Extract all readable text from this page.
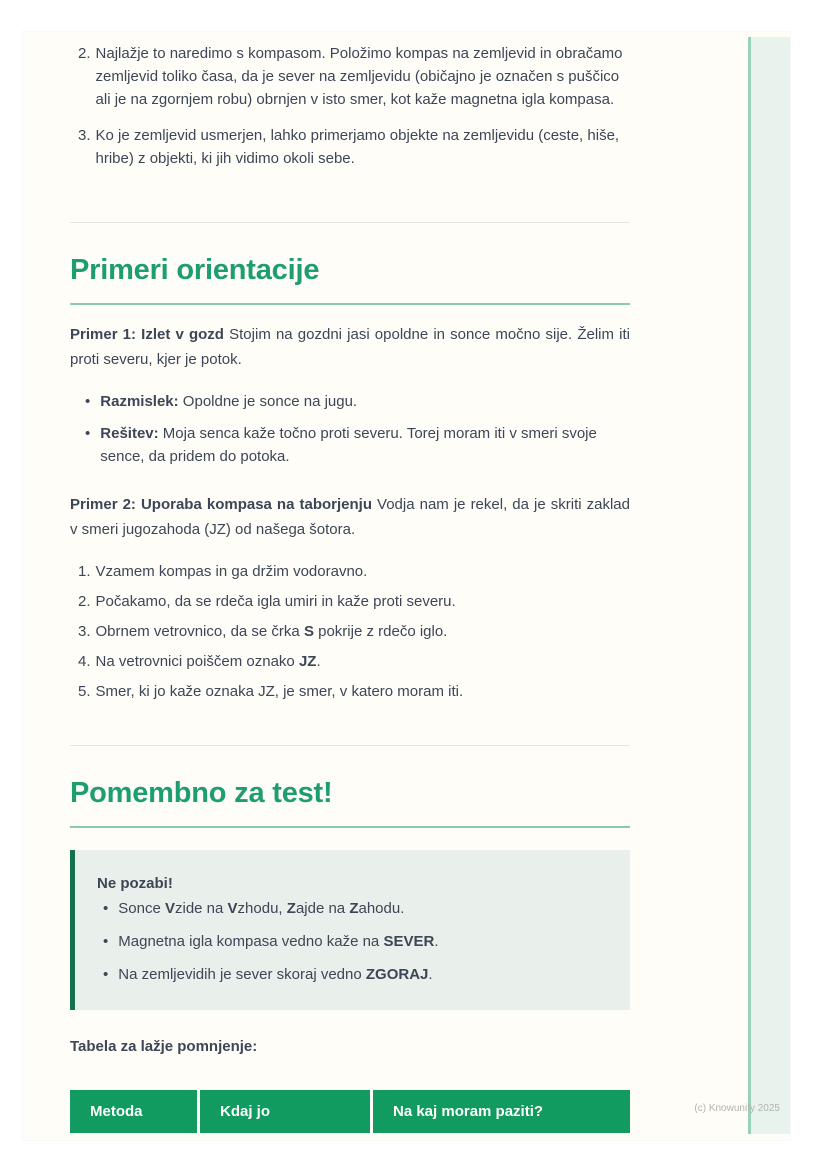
2. Najlažje to naredimo s kompasom. Položimo kompas na zemljevid in obračamo zemljevid toliko časa, da je sever na zemljevidu (običajno je označen s puščico ali je na zgornjem robu) obrnjen v isto smer, kot kaže magnetna igla kompasa.
3. Ko je zemljevid usmerjen, lahko primerjamo objekte na zemljevidu (ceste, hiše, hribe) z objekti, ki jih vidimo okoli sebe.
Primeri orientacije

Primer 1: Izlet v gozd Stojim na gozdni jasi opoldne in sonce močno sije. Želim iti proti severu, kjer je potok.

• Razmislek: Opoldne je sonce na jugu.
• Rešitev: Moja senca kaže točno proti severu. Torej moram iti v smeri svoje sence, da pridem do potoka.

Primer 2: Uporaba kompasa na taborjenju Vodja nam je rekel, da je skriti zaklad v smeri jugozahoda (JZ) od našega šotora.

1. Vzamem kompas in ga držim vodoravno.
2. Počakamo, da se rdeča igla umiri in kaže proti severu.
3. Obrnem vetrovnico, da se črka S pokrije z rdečo iglo.
4. Na vetrovnici poiščem oznako JZ.
5. Smer, ki jo kaže oznaka JZ, je smer, v katero moram iti.
Pomembno za test!
Ne pozabi!
• Sonce Vzide na Vzhodu, Zajde na Zahodu.
• Magnetna igla kompasa vedno kaže na SEVER.
• Na zemljevidih je sever skoraj vedno ZGORAJ.

Tabela za lažje pomnjenje:

Metoda	Kdaj jo	Na kaj moram paziti?	(c) Knowunity 2025
